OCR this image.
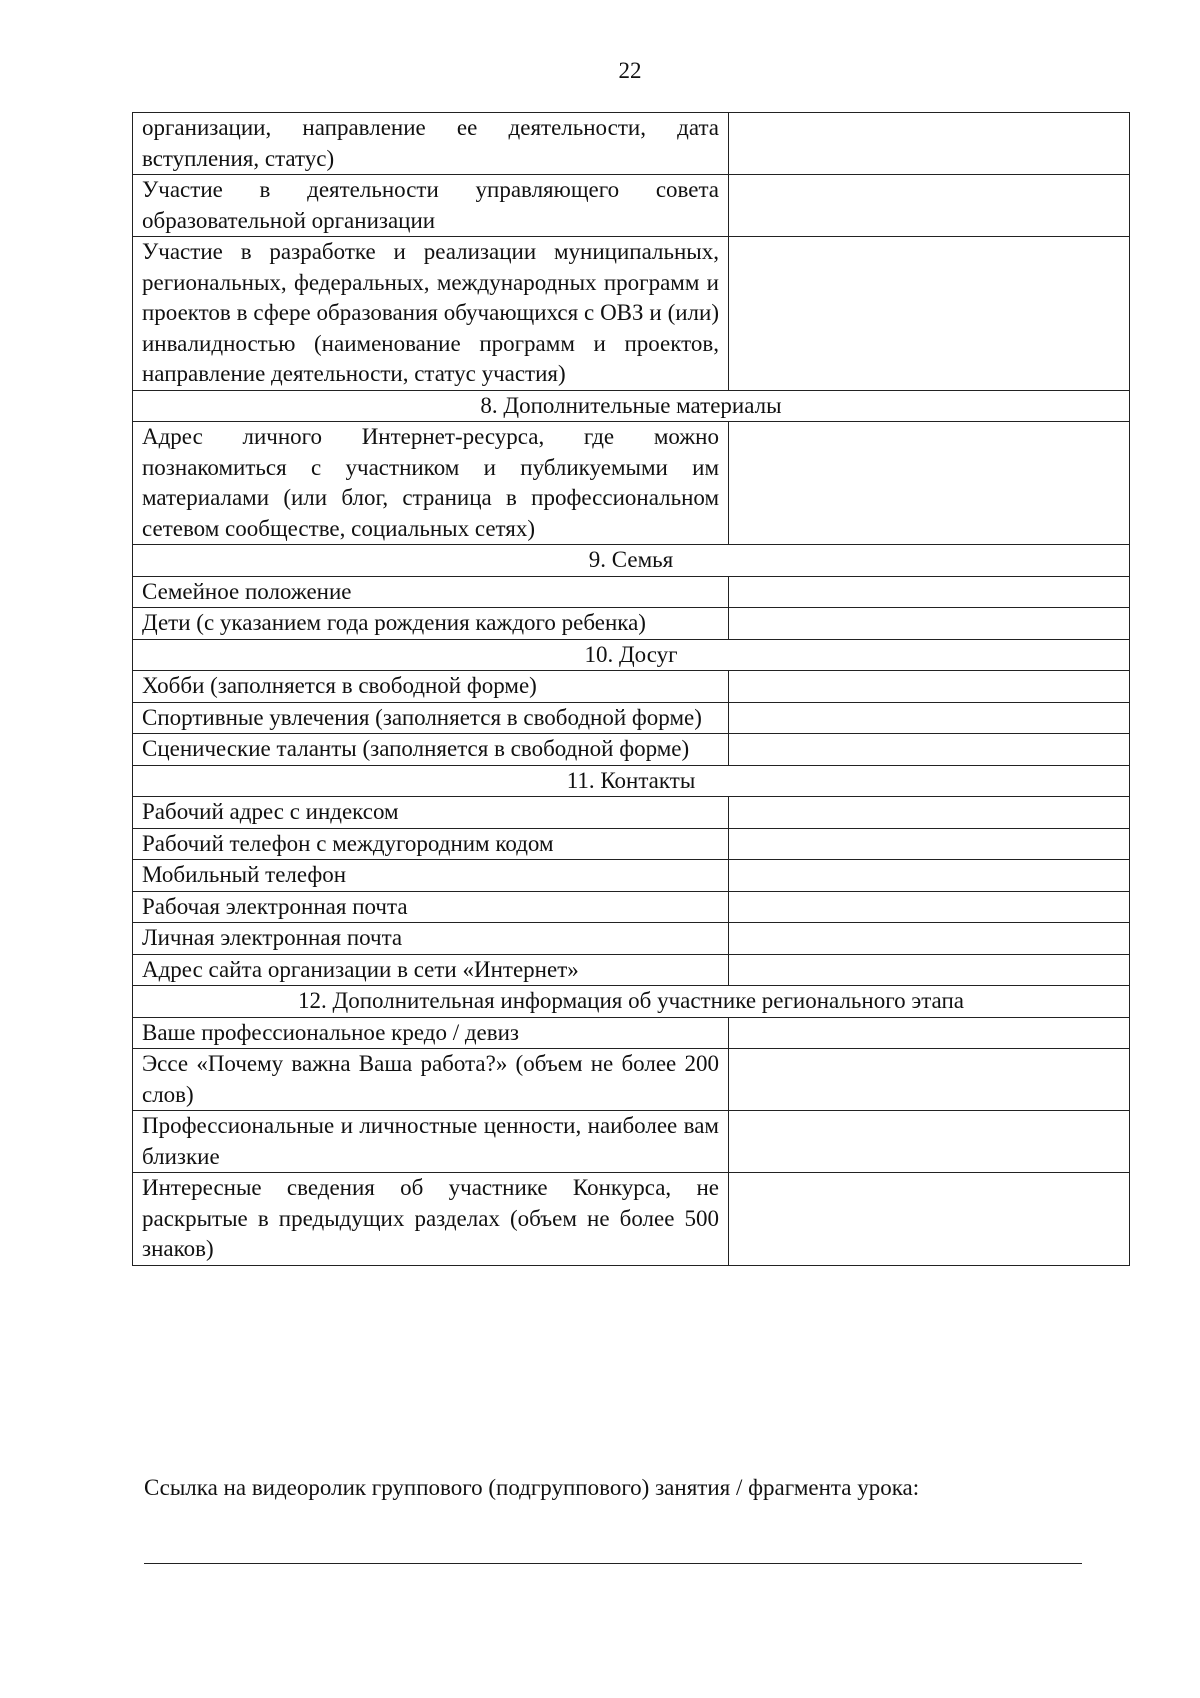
22
организации, направление ее деятельности, дата вступления, статус)	
Участие в деятельности управляющего совета образовательной организации	
Участие в разработке и реализации муниципальных, региональных, федеральных, международных программ и проектов в сфере образования обучающихся с ОВЗ и (или) инвалидностью (наименование программ и проектов, направление деятельности, статус участия)	
8. Дополнительные материалы	
Адрес личного Интернет-ресурса, где можно познакомиться с участником и публикуемыми им материалами (или блог, страница в профессиональном сетевом сообществе, социальных сетях)	
9. Семья	
Семейное положение	
Дети (с указанием года рождения каждого ребенка)	
10. Досуг	
Хобби (заполняется в свободной форме)	
Спортивные увлечения (заполняется в свободной форме)	
Сценические таланты (заполняется в свободной форме)	
11. Контакты	
Рабочий адрес с индексом	
Рабочий телефон с междугородним кодом	
Мобильный телефон	
Рабочая электронная почта	
Личная электронная почта	
Адрес сайта организации в сети «Интернет»	
12. Дополнительная информация об участнике регионального этапа	
Ваше профессиональное кредо / девиз	
Эссе «Почему важна Ваша работа?» (объем не более 200 слов)	
Профессиональные и личностные ценности, наиболее вам близкие	
Интересные сведения об участнике Конкурса, не раскрытые в предыдущих разделах (объем не более 500 знаков)	
Ссылка на видеоролик группового (подгруппового) занятия / фрагмента урока:
